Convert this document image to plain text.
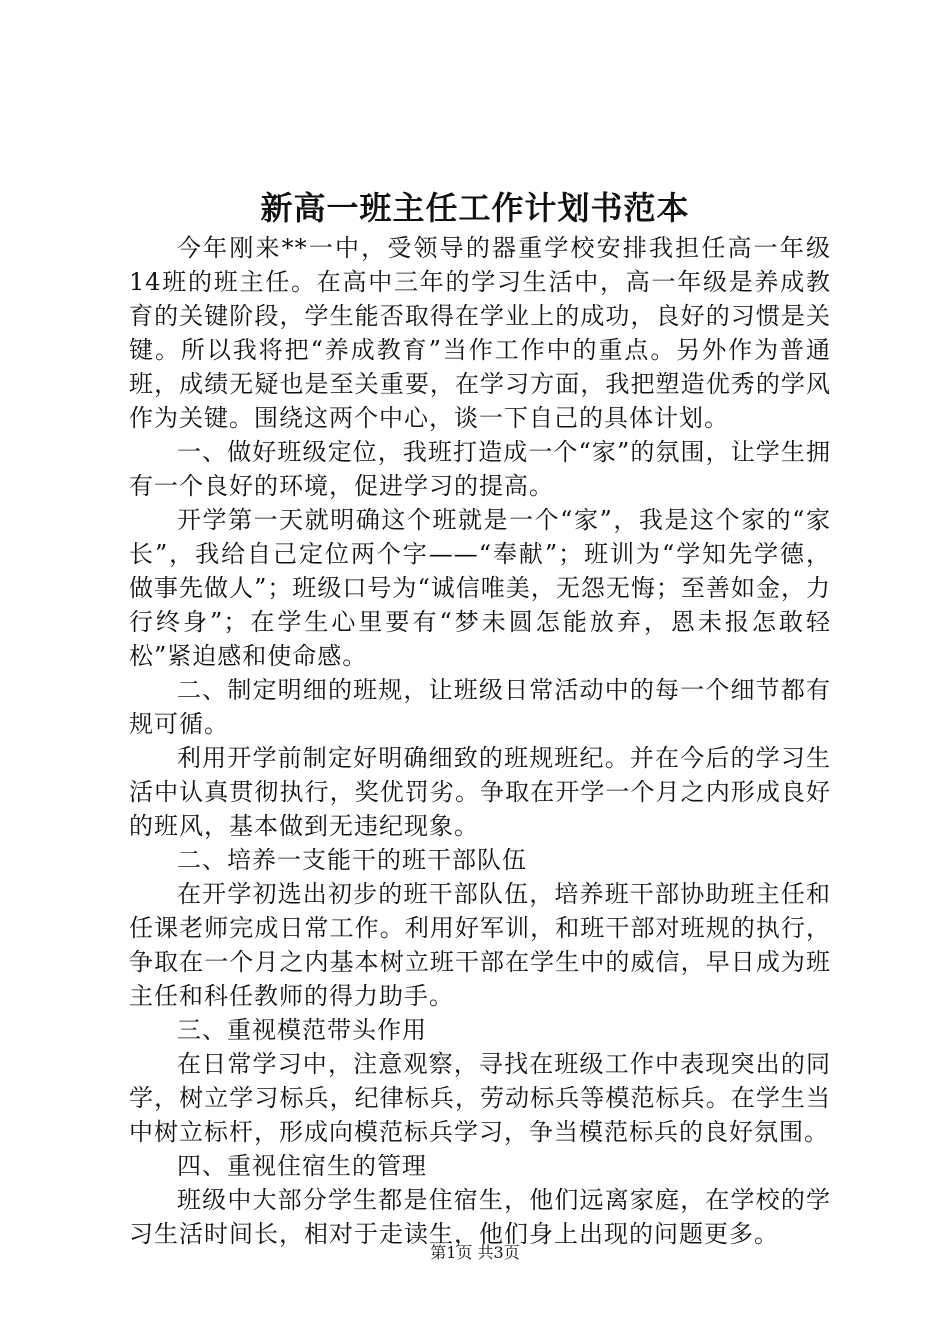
新高一班主任工作计划书范本

今年刚来**一中，受领导的器重学校安排我担任高一年级14班的班主任。在高中三年的学习生活中，高一年级是养成教育的关键阶段，学生能否取得在学业上的成功，良好的习惯是关键。所以我将把“养成教育”当作工作中的重点。另外作为普通班，成绩无疑也是至关重要，在学习方面，我把塑造优秀的学风作为关键。围绕这两个中心，谈一下自己的具体计划。

一、做好班级定位，我班打造成一个“家”的氛围，让学生拥有一个良好的环境，促进学习的提高。

开学第一天就明确这个班就是一个“家”，我是这个家的“家长”，我给自己定位两个字——“奉献”；班训为“学知先学德，做事先做人”；班级口号为“诚信唯美，无怨无悔；至善如金，力行终身”；在学生心里要有“梦未圆怎能放弃，恩未报怎敢轻松”紧迫感和使命感。

二、制定明细的班规，让班级日常活动中的每一个细节都有规可循。

利用开学前制定好明确细致的班规班纪。并在今后的学习生活中认真贯彻执行，奖优罚劣。争取在开学一个月之内形成良好的班风，基本做到无违纪现象。

二、培养一支能干的班干部队伍

在开学初选出初步的班干部队伍，培养班干部协助班主任和任课老师完成日常工作。利用好军训，和班干部对班规的执行，争取在一个月之内基本树立班干部在学生中的威信，早日成为班主任和科任教师的得力助手。

三、重视模范带头作用

在日常学习中，注意观察，寻找在班级工作中表现突出的同学，树立学习标兵，纪律标兵，劳动标兵等模范标兵。在学生当中树立标杆，形成向模范标兵学习，争当模范标兵的良好氛围。

四、重视住宿生的管理

班级中大部分学生都是住宿生，他们远离家庭，在学校的学习生活时间长，相对于走读生，他们身上出现的问题更多。

第1页 共3页
